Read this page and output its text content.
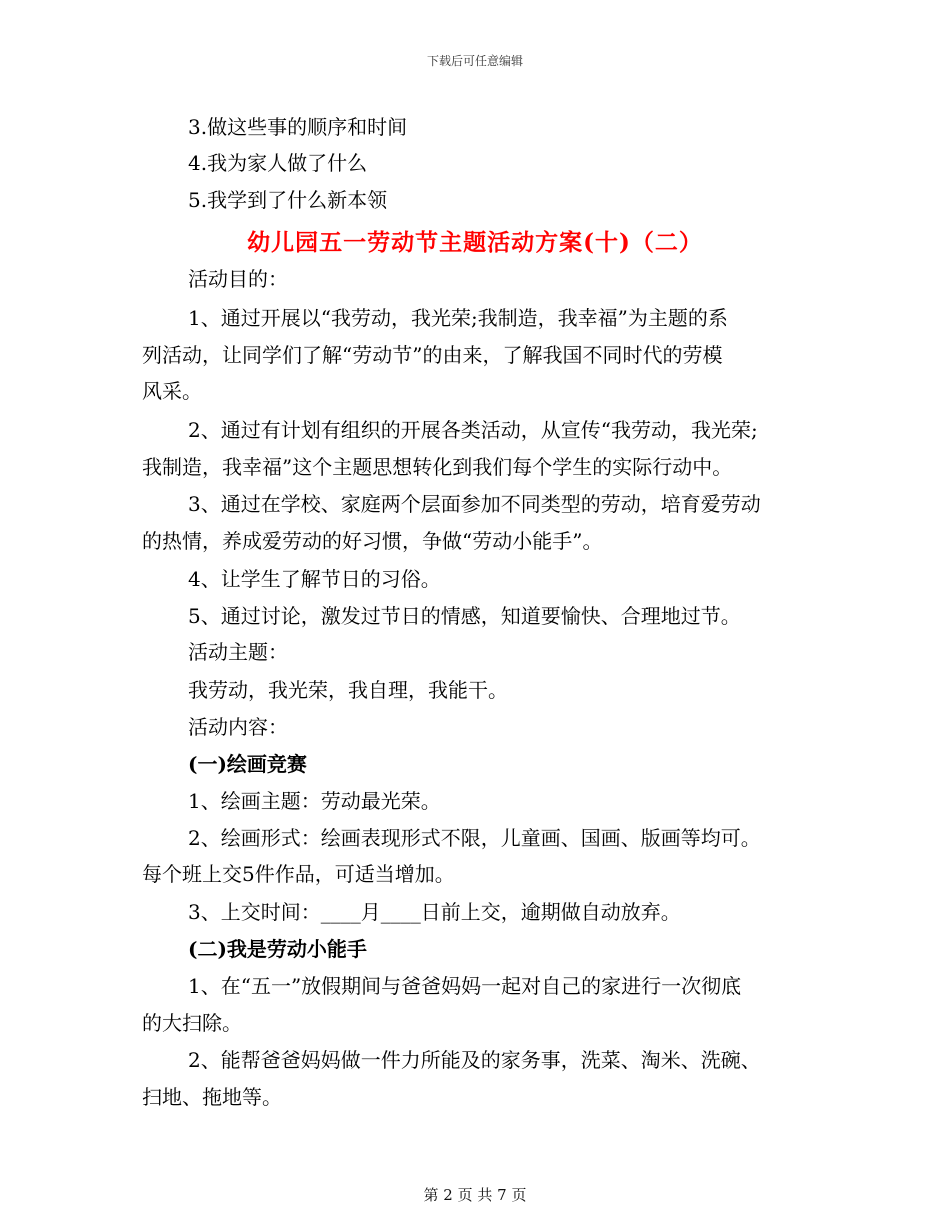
下载后可任意编辑
3.做这些事的顺序和时间
4.我为家人做了什么
5.我学到了什么新本领
幼儿园五一劳动节主题活动方案(十)（二）
活动目的：
1、通过开展以“我劳动，我光荣;我制造，我幸福”为主题的系
列活动，让同学们了解“劳动节”的由来，了解我国不同时代的劳模
风采。
2、通过有计划有组织的开展各类活动，从宣传“我劳动，我光荣;
我制造，我幸福”这个主题思想转化到我们每个学生的实际行动中。
3、通过在学校、家庭两个层面参加不同类型的劳动，培育爱劳动
的热情，养成爱劳动的好习惯，争做“劳动小能手”。
4、让学生了解节日的习俗。
5、通过讨论，激发过节日的情感，知道要愉快、合理地过节。
活动主题：
我劳动，我光荣，我自理，我能干。
活动内容：
(一)绘画竞赛
1、绘画主题：劳动最光荣。
2、绘画形式：绘画表现形式不限，儿童画、国画、版画等均可。
每个班上交5件作品，可适当增加。
3、上交时间：____月____日前上交，逾期做自动放弃。
(二)我是劳动小能手
1、在“五一”放假期间与爸爸妈妈一起对自己的家进行一次彻底
的大扫除。
2、能帮爸爸妈妈做一件力所能及的家务事，洗菜、淘米、洗碗、
扫地、拖地等。
第 2 页 共 7 页
